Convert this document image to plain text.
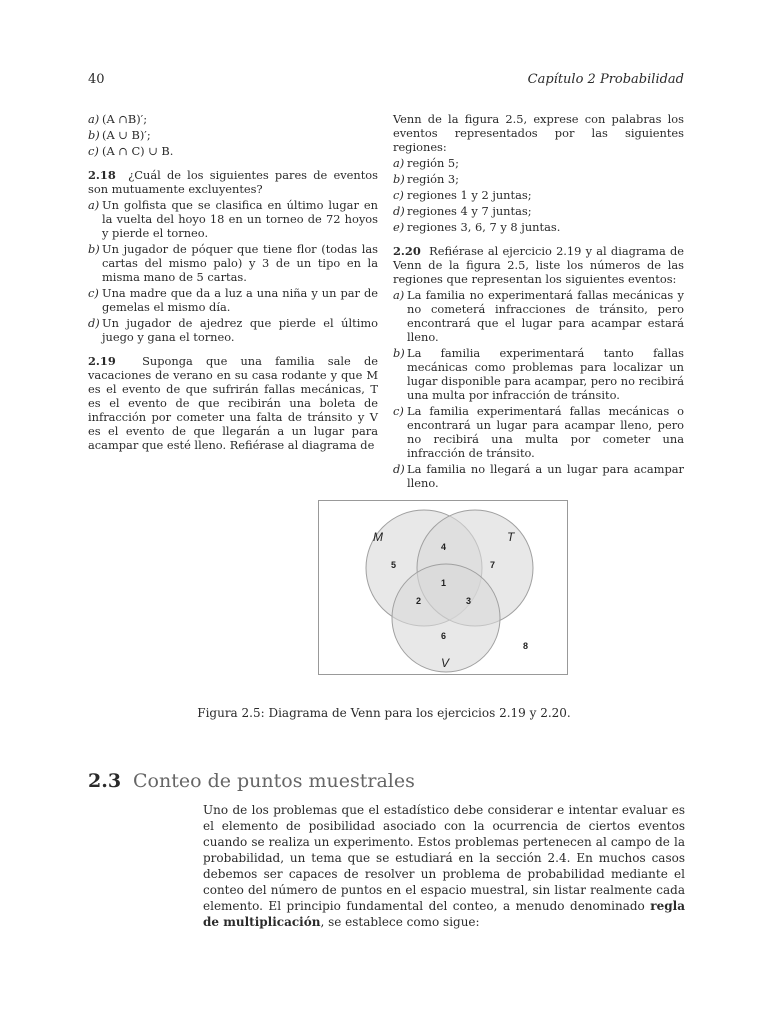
40	Capítulo 2 Probabilidad
a) (A ∩B)′;
b) (A ∪ B)′;
c) (A ∩ C) ∪ B.

2.18 ¿Cuál de los siguientes pares de eventos son mutuamente excluyentes?

a) Un golfista que se clasifica en último lugar en la vuelta del hoyo 18 en un torneo de 72 hoyos y pierde el torneo.
b) Un jugador de póquer que tiene flor (todas las cartas del mismo palo) y 3 de un tipo en la misma mano de 5 cartas.
c) Una madre que da a luz a una niña y un par de gemelas el mismo día.
d) Un jugador de ajedrez que pierde el último juego y gana el torneo.

2.19 Suponga que una familia sale de vacaciones de verano en su casa rodante y que M es el evento de que sufrirán fallas mecánicas, T es el evento de que recibirán una boleta de infracción por cometer una falta de tránsito y V es el evento de que llegarán a un lugar para acampar que esté lleno. Refiérase al diagrama de

Venn de la figura 2.5, exprese con palabras los eventos representados por las siguientes regiones:

a) región 5;
b) región 3;
c) regiones 1 y 2 juntas;
d) regiones 4 y 7 juntas;
e) regiones 3, 6, 7 y 8 juntas.

2.20 Refiérase al ejercicio 2.19 y al diagrama de Venn de la figura 2.5, liste los números de las regiones que representan los siguientes eventos:

a) La familia no experimentará fallas mecánicas y no cometerá infracciones de tránsito, pero encontrará que el lugar para acampar estará lleno.
b) La familia experimentará tanto fallas mecánicas como problemas para localizar un lugar disponible para acampar, pero no recibirá una multa por infracción de tránsito.
c) La familia experimentará fallas mecánicas o encontrará un lugar para acampar lleno, pero no recibirá una multa por cometer una infracción de tránsito.
d) La familia no llegará a un lugar para acampar lleno.
M	T
V
5
4
7
1
2	3
6
8
Figura 2.5: Diagrama de Venn para los ejercicios 2.19 y 2.20.
2.3 Conteo de puntos muestrales

Uno de los problemas que el estadístico debe considerar e intentar evaluar es el elemento de posibilidad asociado con la ocurrencia de ciertos eventos cuando se realiza un experimento. Estos problemas pertenecen al campo de la probabilidad, un tema que se estudiará en la sección 2.4. En muchos casos debemos ser capaces de resolver un problema de probabilidad mediante el conteo del número de puntos en el espacio muestral, sin listar realmente cada elemento. El principio fundamental del conteo, a menudo denominado regla de multiplicación, se establece como sigue:
